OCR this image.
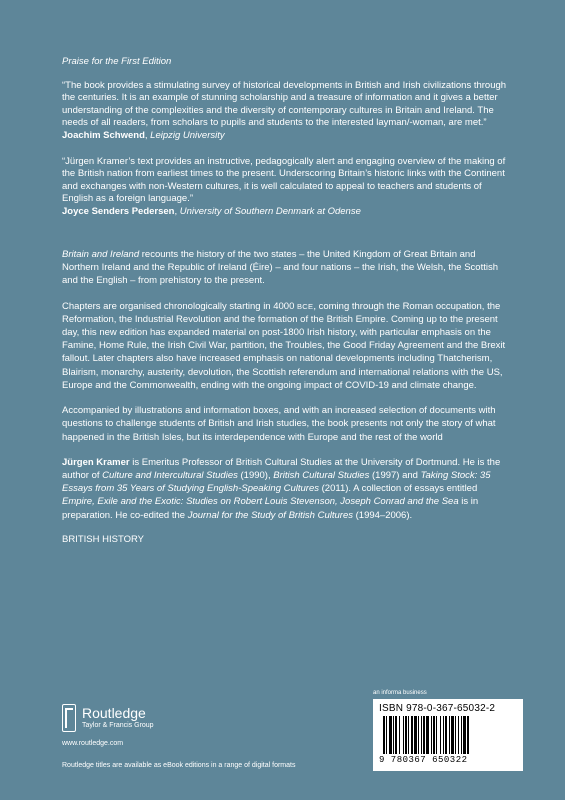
Praise for the First Edition

“The book provides a stimulating survey of historical developments in British and Irish civilizations through the centuries. It is an example of stunning scholarship and a treasure of information and it gives a better understanding of the complexities and the diversity of contemporary cultures in Britain and Ireland. The needs of all readers, from scholars to pupils and students to the interested layman/-woman, are met.”

Joachim Schwend, Leipzig University

“Jürgen Kramer’s text provides an instructive, pedagogically alert and engaging overview of the making of the British nation from earliest times to the present. Underscoring Britain’s historic links with the Continent and exchanges with non-Western cultures, it is well calculated to appeal to teachers and students of English as a foreign language.”

Joyce Senders Pedersen, University of Southern Denmark at Odense

Britain and Ireland recounts the history of the two states – the United Kingdom of Great Britain and Northern Ireland and the Republic of Ireland (Éire) – and four nations – the Irish, the Welsh, the Scottish and the English – from prehistory to the present.

Chapters are organised chronologically starting in 4000 BCE, coming through the Roman occupation, the Reformation, the Industrial Revolution and the formation of the British Empire. Coming up to the present day, this new edition has expanded material on post-1800 Irish history, with particular emphasis on the Famine, Home Rule, the Irish Civil War, partition, the Troubles, the Good Friday Agreement and the Brexit fallout. Later chapters also have increased emphasis on national developments including Thatcherism, Blairism, monarchy, austerity, devolution, the Scottish referendum and international relations with the US, Europe and the Commonwealth, ending with the ongoing impact of COVID-19 and climate change.

Accompanied by illustrations and information boxes, and with an increased selection of documents with questions to challenge students of British and Irish studies, the book presents not only the story of what happened in the British Isles, but its interdependence with Europe and the rest of the world

Jürgen Kramer is Emeritus Professor of British Cultural Studies at the University of Dortmund. He is the author of Culture and Intercultural Studies (1990), British Cultural Studies (1997) and Taking Stock: 35 Essays from 35 Years of Studying English-Speaking Cultures (2011). A collection of essays entitled Empire, Exile and the Exotic: Studies on Robert Louis Stevenson, Joseph Conrad and the Sea is in preparation. He co-edited the Journal for the Study of British Cultures (1994–2006).

BRITISH HISTORY

Routledge
Taylor & Francis Group
www.routledge.com
Routledge titles are available as eBook editions in a range of digital formats
an informa business
ISBN 978-0-367-65032-2
9 780367 650322
